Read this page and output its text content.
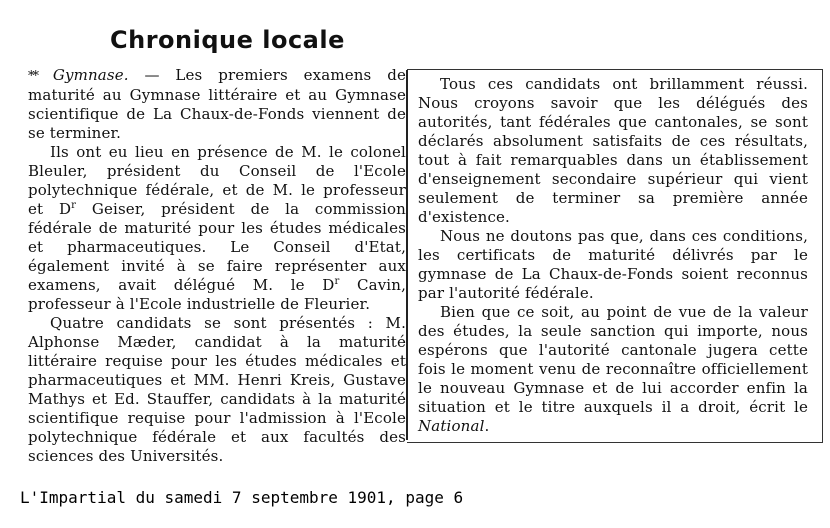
Chronique locale

** Gymnase. — Les premiers examens de maturité au Gymnase littéraire et au Gymnase scientifique de La Chaux-de-Fonds viennent de se terminer.

Ils ont eu lieu en présence de M. le colonel Bleuler, président du Conseil de l'Ecole polytechnique fédérale, et de M. le professeur et $D^r$ Geiser, président de la commission fédérale de maturité pour les études médicales et pharmaceutiques. Le Conseil d'Etat, également invité à se faire représenter aux examens, avait délégué M. le $D^r$ Cavin, professeur à l'Ecole industrielle de Fleurier.

Quatre candidats se sont présentés : M. Alphonse Mæder, candidat à la maturité littéraire requise pour les études médicales et pharmaceutiques et MM. Henri Kreis, Gustave Mathys et Ed. Stauffer, candidats à la maturité scientifique requise pour l'admission à l'Ecole polytechnique fédérale et aux facultés des sciences des Universités.

Tous ces candidats ont brillamment réussi. Nous croyons savoir que les délégués des autorités, tant fédérales que cantonales, se sont déclarés absolument satisfaits de ces résultats, tout à fait remarquables dans un établissement d'enseignement secondaire supérieur qui vient seulement de terminer sa première année d'existence.

Nous ne doutons pas que, dans ces conditions, les certificats de maturité délivrés par le gymnase de La Chaux-de-Fonds soient reconnus par l'autorité fédérale.

Bien que ce soit, au point de vue de la valeur des études, la seule sanction qui importe, nous espérons que l'autorité cantonale jugera cette fois le moment venu de reconnaître officiellement le nouveau Gymnase et de lui accorder enfin la situation et le titre auxquels il a droit, écrit le National.

L'Impartial du samedi 7 septembre 1901, page 6
